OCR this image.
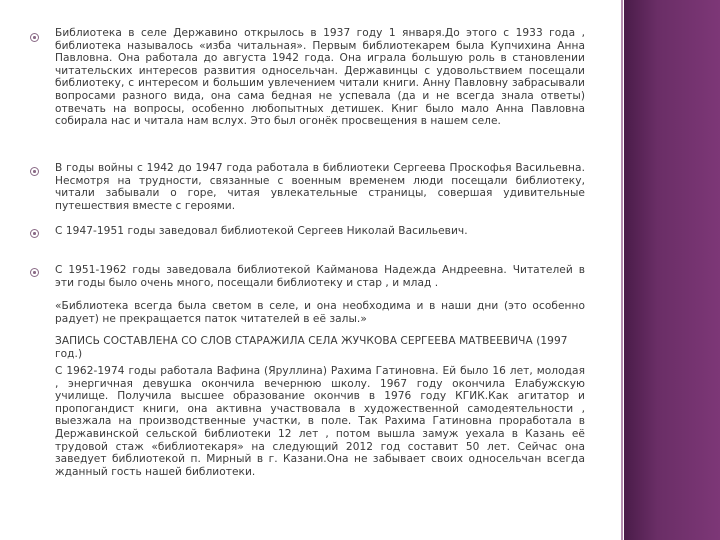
Библиотека в селе Державино открылось в 1937 году 1 января.До этого с 1933 года , библиотека называлось «изба читальная». Первым библиотекарем была Купчихина Анна Павловна. Она работала до августа 1942 года. Она играла большую роль в становлении читательских интересов развития односельчан. Державинцы с удовольствием посещали библиотеку, с интересом и большим увлечением читали книги. Анну Павловну забрасывали вопросами разного вида, она сама бедная не успевала (да и не всегда знала ответы) отвечать на вопросы, особенно любопытных детишек. Книг было мало Анна Павловна собирала нас и читала нам вслух. Это был огонёк просвещения в нашем селе.

В годы войны с 1942 до 1947 года работала в библиотеки Сергеева Проскофья Васильевна. Несмотря на трудности, связанные с военным временем люди посещали библиотеку, читали забывали о горе, читая увлекательные страницы, совершая удивительные путешествия вместе с героями.

С 1947-1951 годы заведовал библиотекой Сергеев Николай Васильевич.

С 1951-1962 годы заведовала библиотекой Кайманова Надежда Андреевна. Читателей в эти годы было очень много, посещали библиотеку и стар , и млад .

«Библиотека всегда была светом в селе, и она необходима и в наши дни (это особенно радует) не прекращается паток читателей в её залы.»

ЗАПИСЬ СОСТАВЛЕНА СО СЛОВ СТАРАЖИЛА СЕЛА ЖУЧКОВА СЕРГЕЕВА МАТВЕЕВИЧА (1997 год.)

С 1962-1974 годы работала Вафина (Яруллина) Рахима Гатиновна. Ей было 16 лет, молодая , энергичная девушка окончила вечернюю школу. 1967 году окончила Елабужскую училище. Получила высшее образование окончив в 1976 году КГИК.Как агитатор и пропогандист книги, она активна участвовала в художественной самодеятельности , выезжала на производственные участки, в поле. Так Рахима Гатиновна проработала в Державинской сельской библиотеки 12 лет , потом вышла замуж уехала в Казань её трудовой стаж «библиотекаря» на следующий 2012 год составит 50 лет. Сейчас она заведует библиотекой п. Мирный в г. Казани.Она не забывает своих односельчан всегда жданный гость нашей библиотеки.
